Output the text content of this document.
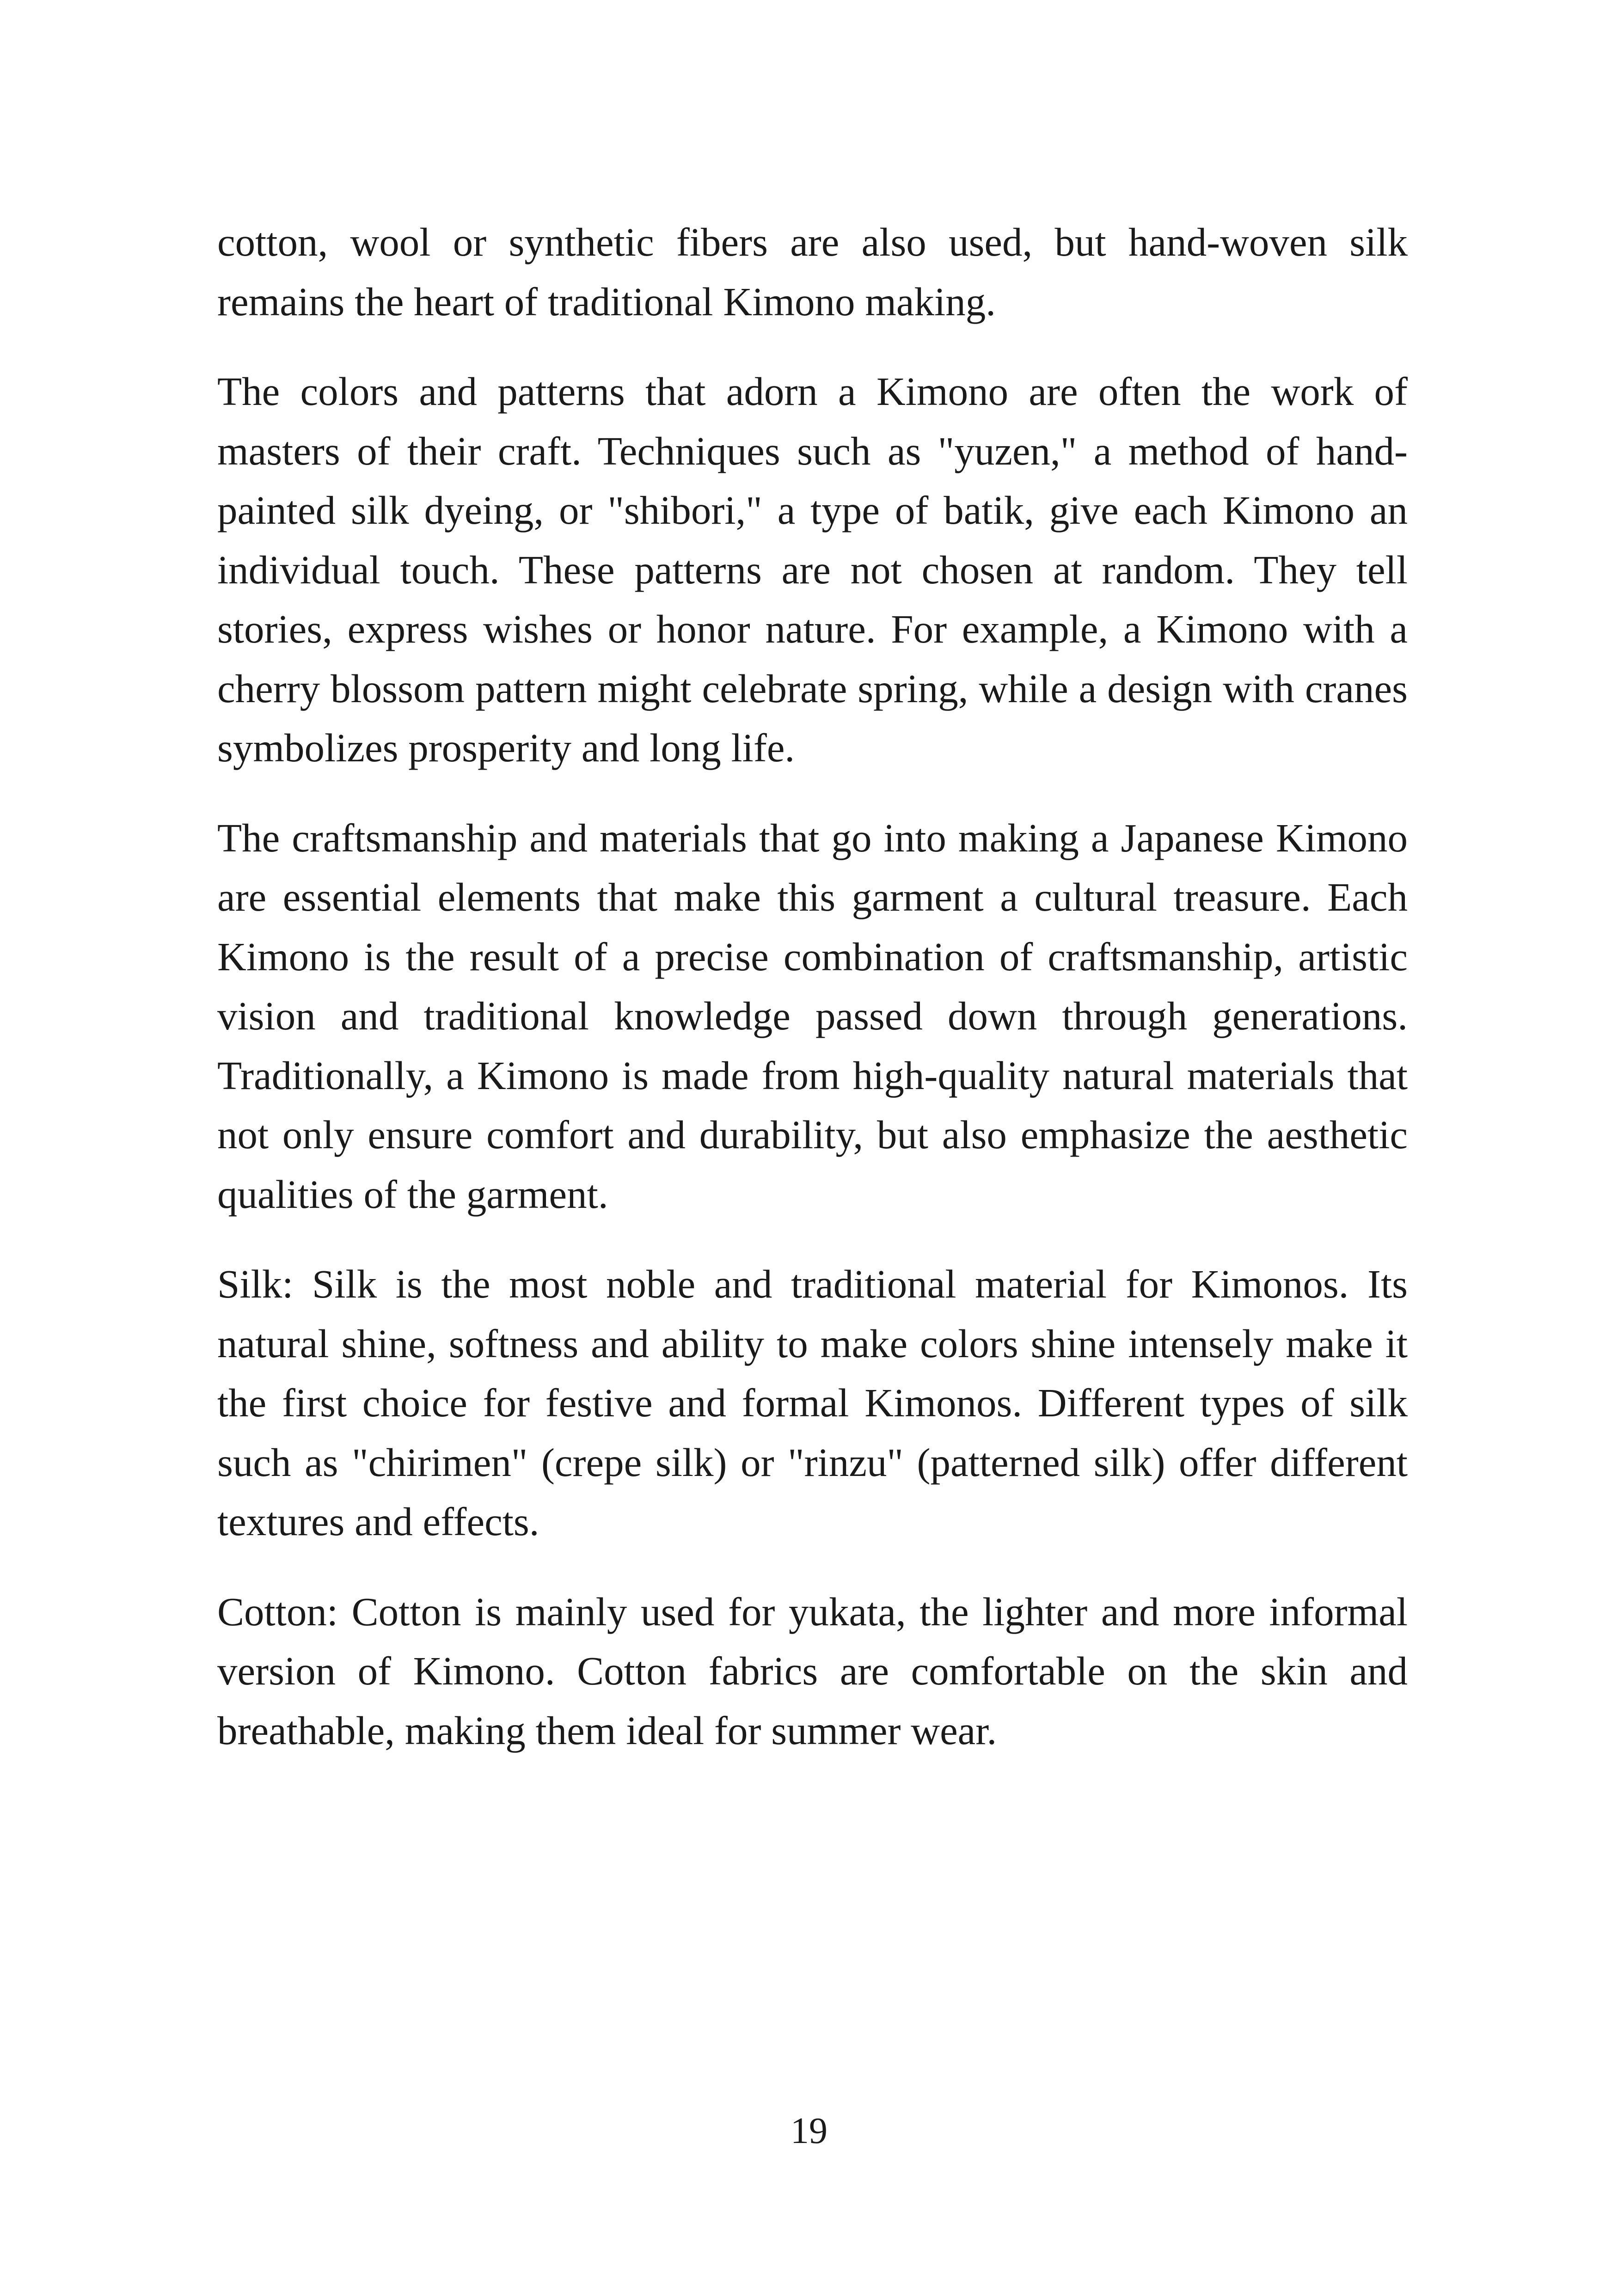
cotton, wool or synthetic fibers are also used, but hand-woven silk remains the heart of traditional Kimono making.

The colors and patterns that adorn a Kimono are often the work of masters of their craft. Techniques such as "yuzen," a method of hand-painted silk dyeing, or "shibori," a type of batik, give each Kimono an individual touch. These patterns are not chosen at random. They tell stories, express wishes or honor nature. For example, a Kimono with a cherry blossom pattern might celebrate spring, while a design with cranes symbolizes prosperity and long life.

The craftsmanship and materials that go into making a Japanese Kimono are essential elements that make this garment a cultural treasure. Each Kimono is the result of a precise combination of craftsmanship, artistic vision and traditional knowledge passed down through generations. Traditionally, a Kimono is made from high-quality natural materials that not only ensure comfort and durability, but also emphasize the aesthetic qualities of the garment.

Silk: Silk is the most noble and traditional material for Kimonos. Its natural shine, softness and ability to make colors shine intensely make it the first choice for festive and formal Kimonos. Different types of silk such as "chirimen" (crepe silk) or "rinzu" (patterned silk) offer different textures and effects.

Cotton: Cotton is mainly used for yukata, the lighter and more informal version of Kimono. Cotton fabrics are comfortable on the skin and breathable, making them ideal for summer wear.

19
